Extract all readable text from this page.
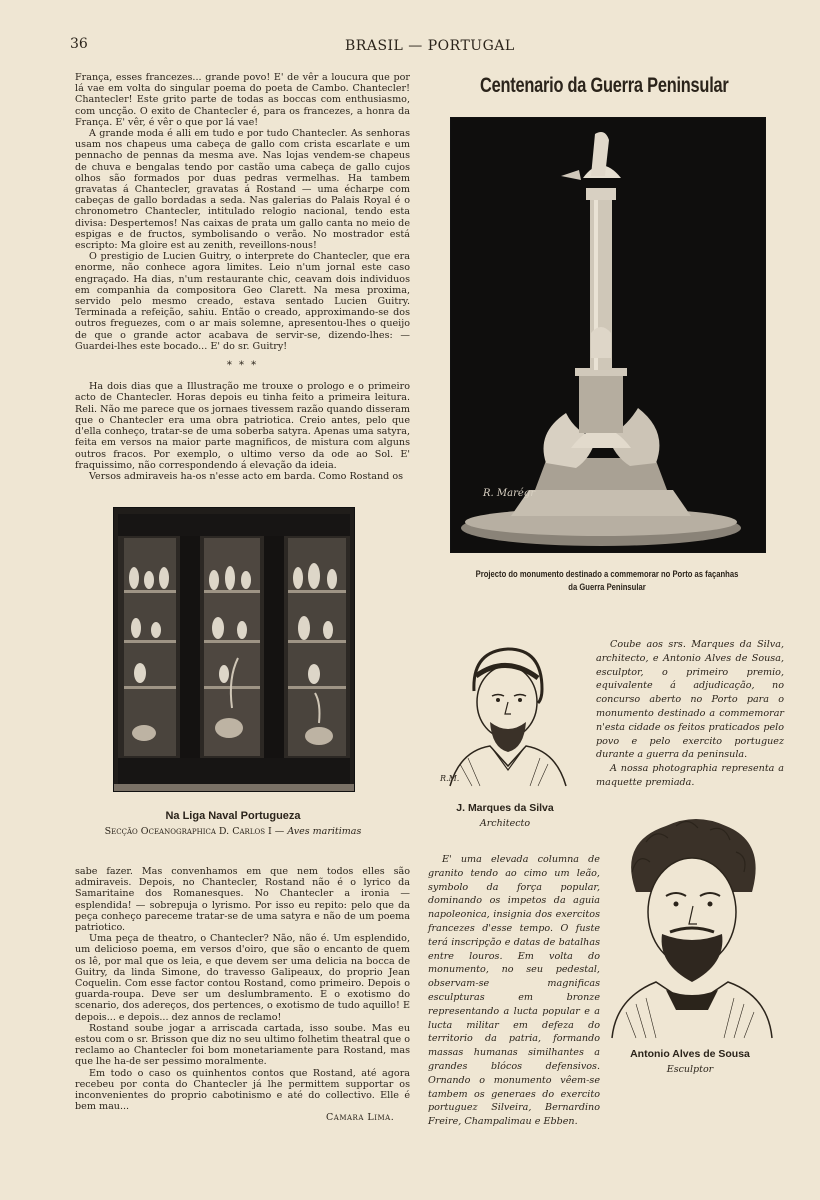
36	BRASIL — PORTUGAL

França, esses francezes... grande povo! E' de vêr a loucura que por lá vae em volta do singular poema do poeta de Cambo. Chantecler! Chantecler! Este grito parte de todas as boccas com enthusiasmo, com uncção. O exito de Chantecler é, para os francezes, a honra da França. E' vêr, é vêr o que por lá vae!

A grande moda é alli em tudo e por tudo Chantecler. As senhoras usam nos chapeus uma cabeça de gallo com crista escarlate e um pennacho de pennas da mesma ave. Nas lojas vendem-se chapeus de chuva e bengalas tendo por castão uma cabeça de gallo cujos olhos são formados por duas pedras vermelhas. Ha tambem gravatas á Chantecler, gravatas á Rostand — uma écharpe com cabeças de gallo bordadas a seda. Nas galerias do Palais Royal é o chronometro Chantecler, intitulado relogio nacional, tendo esta divisa: Despertemos! Nas caixas de prata um gallo canta no meio de espigas e de fructos, symbolisando o verão. No mostrador está escripto: Ma gloire est au zenith, reveillons-nous!

O prestigio de Lucien Guitry, o interprete do Chantecler, que era enorme, não conhece agora limites. Leio n'um jornal este caso engraçado. Ha dias, n'um restaurante chic, ceavam dois individuos em companhia da compositora Geo Clarett. Na mesa proxima, servido pelo mesmo creado, estava sentado Lucien Guitry. Terminada a refeição, sahiu. Então o creado, approximando-se dos outros freguezes, com o ar mais solemne, apresentou-lhes o queijo de que o grande actor acabava de servir-se, dizendo-lhes: — Guardei-lhes este bocado... E' do sr. Guitry!

* * *

Ha dois dias que a Illustração me trouxe o prologo e o primeiro acto de Chantecler. Horas depois eu tinha feito a primeira leitura. Reli. Não me parece que os jornaes tivessem razão quando disseram que o Chantecler era uma obra patriotica. Creio antes, pelo que d'ella conheço, tratar-se de uma soberba satyra. Apenas uma satyra, feita em versos na maior parte magnificos, de mistura com alguns outros fracos. Por exemplo, o ultimo verso da ode ao Sol. E' fraquissimo, não correspondendo á elevação da ideia.

Versos admiraveis ha-os n'esse acto em barda. Como Rostand os

Na Liga Naval Portugueza
Secção Oceanographica D. Carlos I — Aves maritimas

sabe fazer. Mas convenhamos em que nem todos elles são admiraveis. Depois, no Chantecler, Rostand não é o lyrico da Samaritaine dos Romanesques. No Chantecler a ironia — esplendida! — sobrepuja o lyrismo. Por isso eu repito: pelo que da peça conheço pareceme tratar-se de uma satyra e não de um poema patriotico.

Uma peça de theatro, o Chantecler? Não, não é. Um esplendido, um delicioso poema, em versos d'oiro, que são o encanto de quem os lê, por mal que os leia, e que devem ser uma delicia na bocca de Guitry, da linda Simone, do travesso Galipeaux, do proprio Jean Coquelin. Com esse factor contou Rostand, como primeiro. Depois o guarda-roupa. Deve ser um deslumbramento. E o exotismo do scenario, dos adereços, dos pertences, o exotismo de tudo aquillo! E depois... e depois... dez annos de reclamo!

Rostand soube jogar a arriscada cartada, isso soube. Mas eu estou com o sr. Brisson que diz no seu ultimo folhetim theatral que o reclamo ao Chantecler foi bom monetariamente para Rostand, mas que lhe ha-de ser pessimo moralmente.

Em todo o caso os quinhentos contos que Rostand, até agora recebeu por conta do Chantecler já lhe permittem supportar os inconvenientes do proprio cabotinismo e até do collectivo. Elle é bem mau...

Camara Lima.
Centenario da Guerra Peninsular
R. Marégr
Projecto do monumento destinado a commemorar no Porto as façanhas
da Guerra Peninsular
R.M.
J. Marques da Silva
Architecto

Coube aos srs. Marques da Silva, architecto, e Antonio Alves de Sousa, esculptor, o primeiro premio, equivalente á adjudicação, no concurso aberto no Porto para o monumento destinado a commemorar n'esta cidade os feitos praticados pelo povo e pelo exercito portuguez durante a guerra da peninsula.

A nossa photographia representa a maquette premiada.

E' uma elevada columna de granito tendo ao cimo um leão, symbolo da força popular, dominando os impetos da aguia napoleonica, insignia dos exercitos francezes d'esse tempo. O fuste terá inscripção e datas de batalhas entre louros. Em volta do monumento, no seu pedestal, observam-se magnificas esculpturas em bronze representando a lucta popular e a lucta militar em defeza do territorio da patria, formando massas humanas similhantes a grandes blócos defensivos. Ornando o monumento vêem-se tambem os generaes do exercito portuguez Silveira, Bernardino Freire, Champalimau e Ebben.

Antonio Alves de Sousa
Esculptor
